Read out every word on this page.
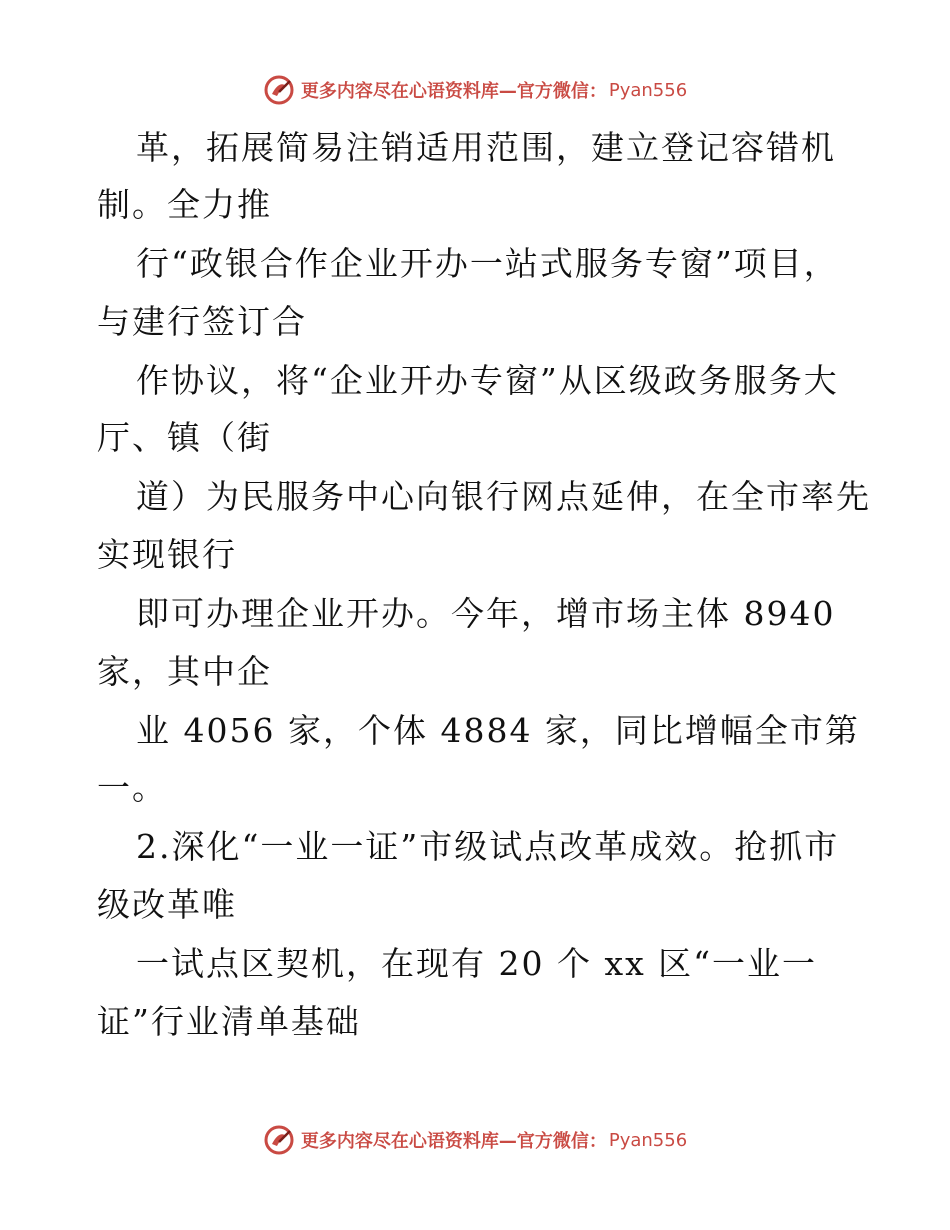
更多内容尽在心语资料库—官方微信： Pyan556
革，拓展简易注销适用范围，建立登记容错机
制。全力推
行“政银合作企业开办一站式服务专窗”项目，
与建行签订合
作协议，将“企业开办专窗”从区级政务服务大
厅、镇（街
道）为民服务中心向银行网点延伸，在全市率先
实现银行
即可办理企业开办。今年，增市场主体 8940
家，其中企
业 4056 家，个体 4884 家，同比增幅全市第
一。
2.深化“一业一证”市级试点改革成效。抢抓市
级改革唯
一试点区契机，在现有 20 个 xx 区“一业一
证”行业清单基础
更多内容尽在心语资料库—官方微信： Pyan556
